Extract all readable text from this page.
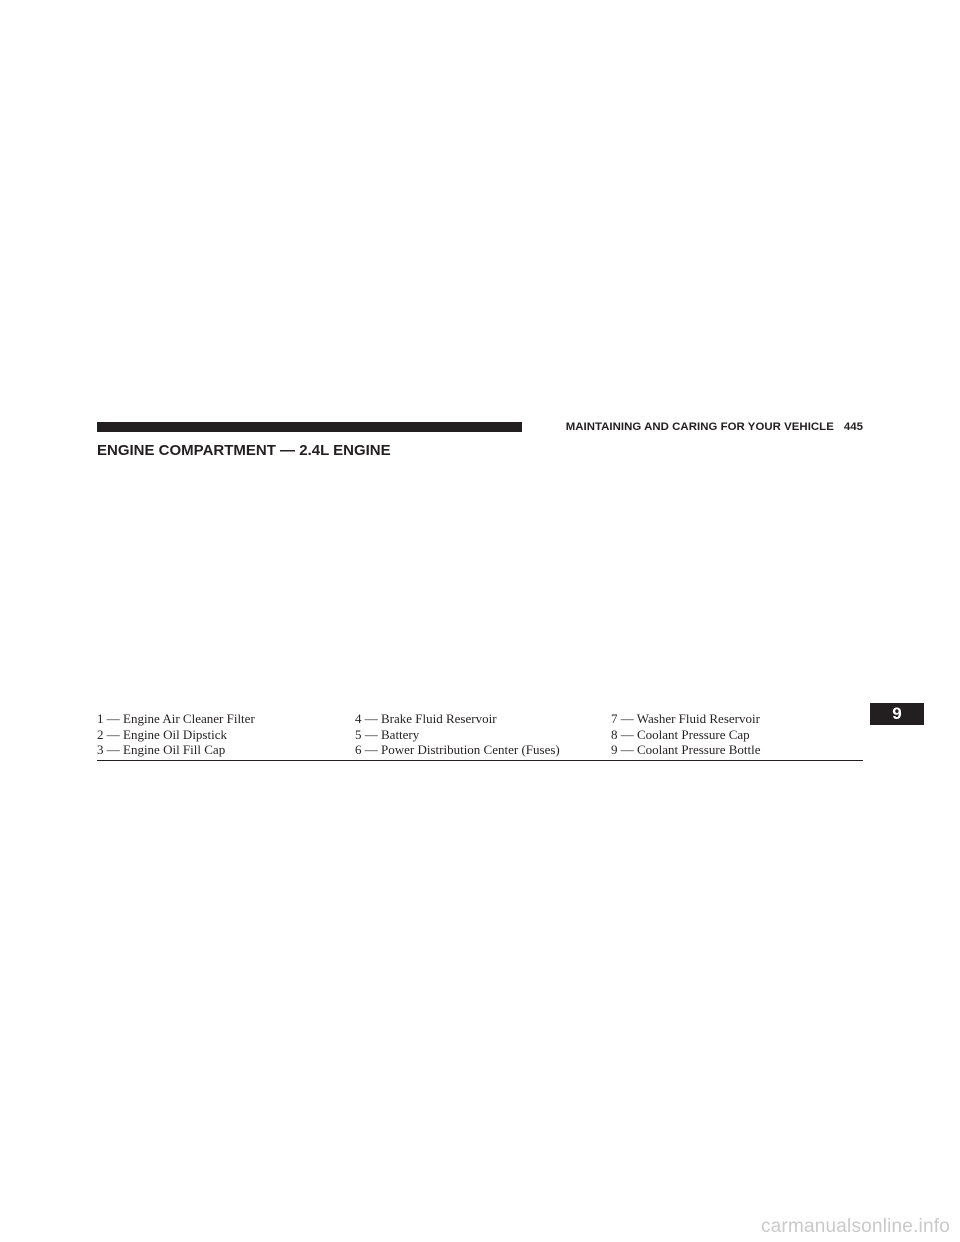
MAINTAINING AND CARING FOR YOUR VEHICLE 445
ENGINE COMPARTMENT — 2.4L ENGINE
1 — Engine Air Cleaner Filter
2 — Engine Oil Dipstick
3 — Engine Oil Fill Cap
4 — Brake Fluid Reservoir
5 — Battery
6 — Power Distribution Center (Fuses)
7 — Washer Fluid Reservoir
8 — Coolant Pressure Cap
9 — Coolant Pressure Bottle
9
carmanualsonline.info
